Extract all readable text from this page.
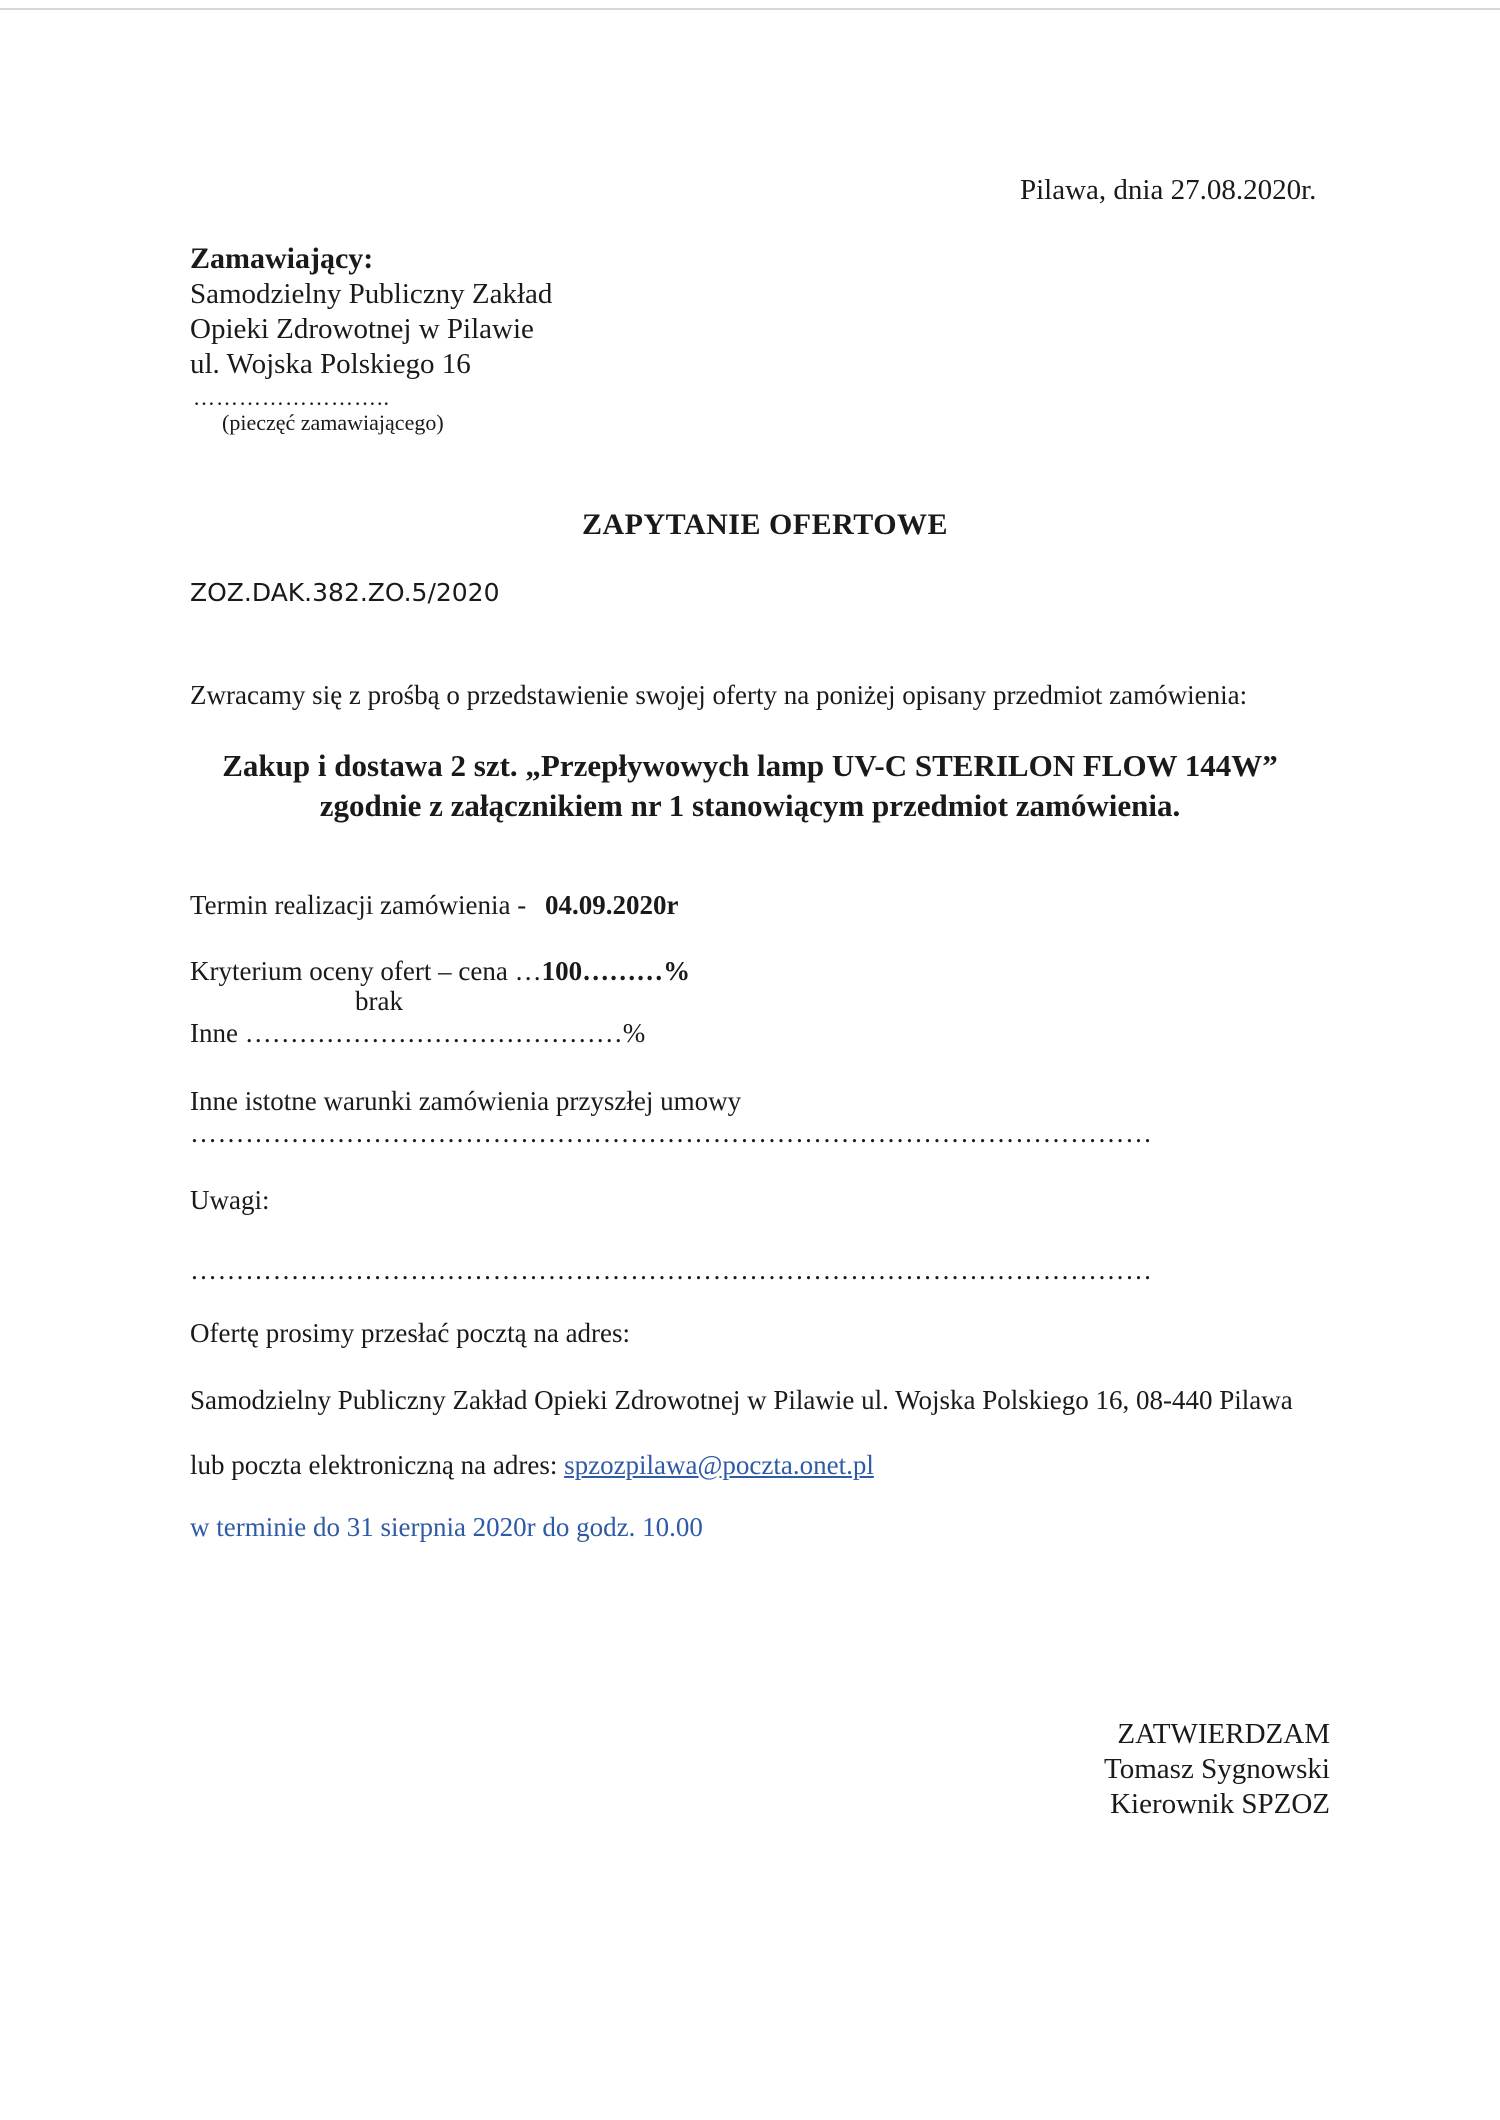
Pilawa, dnia 27.08.2020r.
Zamawiający:
Samodzielny Publiczny Zakład
Opieki Zdrowotnej w Pilawie
ul. Wojska Polskiego 16
……………………..
(pieczęć zamawiającego)
ZAPYTANIE OFERTOWE
ZOZ.DAK.382.ZO.5/2020
Zwracamy się z prośbą o przedstawienie swojej oferty na poniżej opisany przedmiot zamówienia:
Zakup i dostawa 2 szt. „Przepływowych lamp UV-C STERILON FLOW 144W”
zgodnie z załącznikiem nr 1 stanowiącym przedmiot zamówienia.
Termin realizacji zamówienia - 04.09.2020r
Kryterium oceny ofert – cena …100………%
brak
Inne ……………………………………%
Inne istotne warunki zamówienia przyszłej umowy
……………………………………………………………………………………………
Uwagi:
……………………………………………………………………………………………
Ofertę prosimy przesłać pocztą na adres:
Samodzielny Publiczny Zakład Opieki Zdrowotnej w Pilawie ul. Wojska Polskiego 16, 08-440 Pilawa
lub poczta elektroniczną na adres: spzozpilawa@poczta.onet.pl
w terminie do 31 sierpnia 2020r do godz. 10.00
ZATWIERDZAM
Tomasz Sygnowski
Kierownik SPZOZ
